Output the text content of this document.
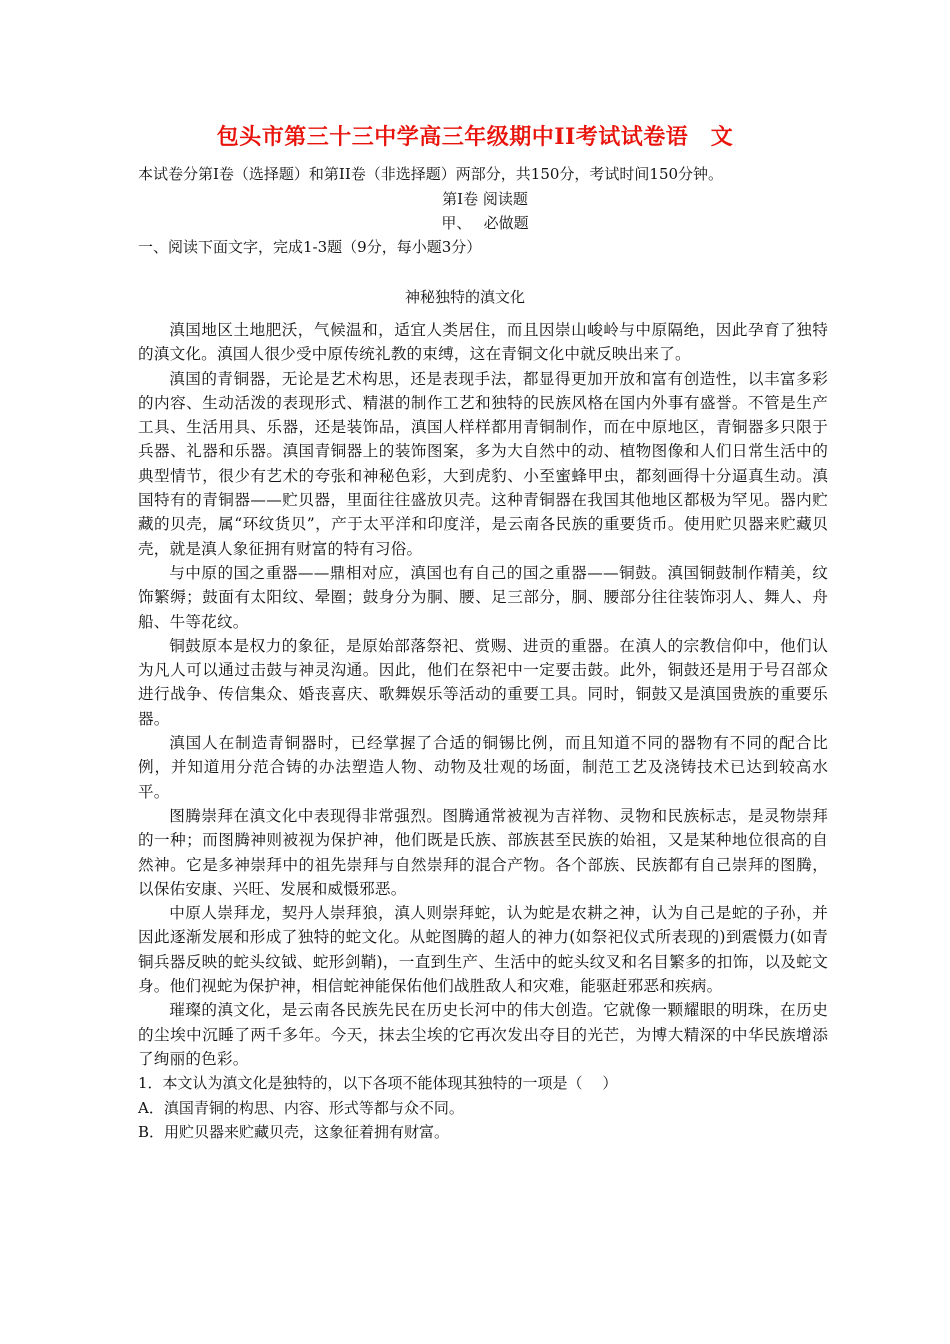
包头市第三十三中学高三年级期中II考试试卷语　文
本试卷分第Ⅰ卷（选择题）和第II卷（非选择题）两部分，共150分，考试时间150分钟。
第Ⅰ卷 阅读题
甲、　 必做题
一、阅读下面文字，完成1-3题（9分，每小题3分）
神秘独特的滇文化

滇国地区土地肥沃，气候温和，适宜人类居住，而且因崇山峻岭与中原隔绝，因此孕育了独特的滇文化。滇国人很少受中原传统礼教的束缚，这在青铜文化中就反映出来了。

滇国的青铜器，无论是艺术构思，还是表现手法，都显得更加开放和富有创造性，以丰富多彩的内容、生动活泼的表现形式、精湛的制作工艺和独特的民族风格在国内外事有盛誉。不管是生产工具、生活用具、乐器，还是装饰品，滇国人样样都用青铜制作，而在中原地区，青铜器多只限于兵器、礼器和乐器。滇国青铜器上的装饰图案，多为大自然中的动、植物图像和人们日常生活中的典型情节，很少有艺术的夸张和神秘色彩，大到虎豹、小至蜜蜂甲虫，都刻画得十分逼真生动。滇国特有的青铜器——贮贝器，里面往往盛放贝壳。这种青铜器在我国其他地区都极为罕见。器内贮藏的贝壳，属“环纹货贝”，产于太平洋和印度洋，是云南各民族的重要货币。使用贮贝器来贮藏贝壳，就是滇人象征拥有财富的特有习俗。

与中原的国之重器——鼎相对应，滇国也有自己的国之重器——铜鼓。滇国铜鼓制作精美，纹饰繁缛；鼓面有太阳纹、晕圈；鼓身分为胴、腰、足三部分，胴、腰部分往往装饰羽人、舞人、舟船、牛等花纹。

铜鼓原本是权力的象征，是原始部落祭祀、赏赐、进贡的重器。在滇人的宗教信仰中，他们认为凡人可以通过击鼓与神灵沟通。因此，他们在祭祀中一定要击鼓。此外，铜鼓还是用于号召部众进行战争、传信集众、婚丧喜庆、歌舞娱乐等活动的重要工具。同时，铜鼓又是滇国贵族的重要乐器。

滇国人在制造青铜器时，已经掌握了合适的铜锡比例，而且知道不同的器物有不同的配合比例，并知道用分范合铸的办法塑造人物、动物及壮观的场面，制范工艺及浇铸技术已达到较高水平。

图腾崇拜在滇文化中表现得非常强烈。图腾通常被视为吉祥物、灵物和民族标志，是灵物崇拜的一种；而图腾神则被视为保护神，他们既是氏族、部族甚至民族的始祖，又是某种地位很高的自然神。它是多神崇拜中的祖先崇拜与自然崇拜的混合产物。各个部族、民族都有自己崇拜的图腾，以保佑安康、兴旺、发展和威慑邪恶。

中原人崇拜龙，契丹人崇拜狼，滇人则崇拜蛇，认为蛇是农耕之神，认为自己是蛇的子孙，并因此逐渐发展和形成了独特的蛇文化。从蛇图腾的超人的神力(如祭祀仪式所表现的)到震慑力(如青铜兵器反映的蛇头纹钺、蛇形剑鞘)，一直到生产、生活中的蛇头纹叉和名目繁多的扣饰，以及蛇文身。他们视蛇为保护神，相信蛇神能保佑他们战胜敌人和灾难，能驱赶邪恶和疾病。

璀璨的滇文化，是云南各民族先民在历史长河中的伟大创造。它就像一颗耀眼的明珠，在历史的尘埃中沉睡了两千多年。今天，抹去尘埃的它再次发出夺目的光芒，为博大精深的中华民族增添了绚丽的色彩。

1．本文认为滇文化是独特的，以下各项不能体现其独特的一项是（　 ）

A．滇国青铜的构思、内容、形式等都与众不同。

B．用贮贝器来贮藏贝壳，这象征着拥有财富。
